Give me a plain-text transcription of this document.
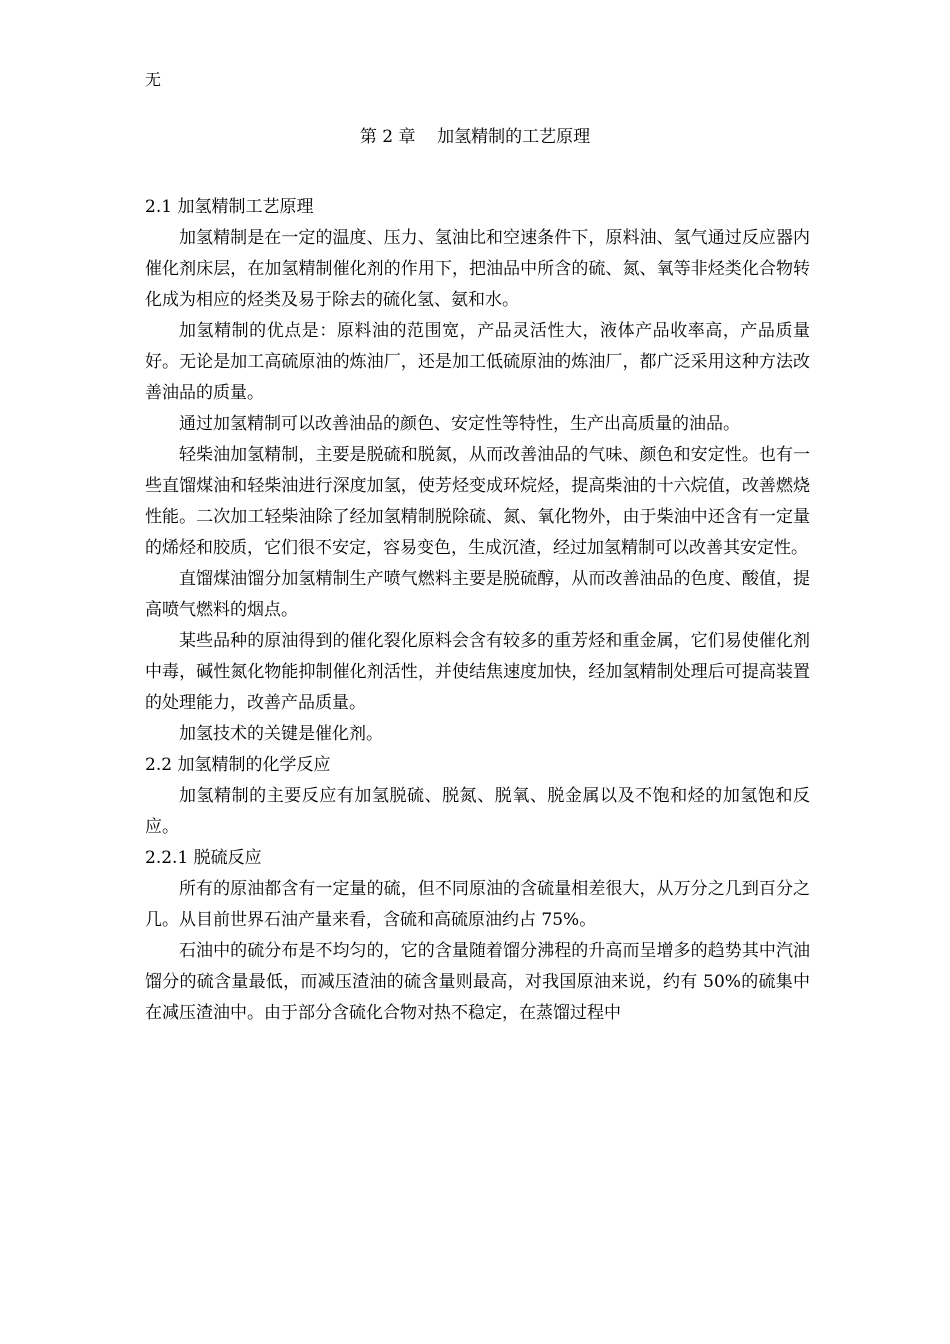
无
第 2 章    加氢精制的工艺原理

2.1 加氢精制工艺原理

加氢精制是在一定的温度、压力、氢油比和空速条件下，原料油、氢气通过反应器内催化剂床层，在加氢精制催化剂的作用下，把油品中所含的硫、氮、氧等非烃类化合物转化成为相应的烃类及易于除去的硫化氢、氨和水。

加氢精制的优点是：原料油的范围宽，产品灵活性大，液体产品收率高，产品质量好。无论是加工高硫原油的炼油厂，还是加工低硫原油的炼油厂，都广泛采用这种方法改善油品的质量。

通过加氢精制可以改善油品的颜色、安定性等特性，生产出高质量的油品。

轻柴油加氢精制，主要是脱硫和脱氮，从而改善油品的气味、颜色和安定性。也有一些直馏煤油和轻柴油进行深度加氢，使芳烃变成环烷烃，提高柴油的十六烷值，改善燃烧性能。二次加工轻柴油除了经加氢精制脱除硫、氮、氧化物外，由于柴油中还含有一定量的烯烃和胶质，它们很不安定，容易变色，生成沉渣，经过加氢精制可以改善其安定性。

直馏煤油馏分加氢精制生产喷气燃料主要是脱硫醇，从而改善油品的色度、酸值，提高喷气燃料的烟点。

某些品种的原油得到的催化裂化原料会含有较多的重芳烃和重金属，它们易使催化剂中毒，碱性氮化物能抑制催化剂活性，并使结焦速度加快，经加氢精制处理后可提高装置的处理能力，改善产品质量。

加氢技术的关键是催化剂。

2.2 加氢精制的化学反应

加氢精制的主要反应有加氢脱硫、脱氮、脱氧、脱金属以及不饱和烃的加氢饱和反应。

2.2.1 脱硫反应

所有的原油都含有一定量的硫，但不同原油的含硫量相差很大，从万分之几到百分之几。从目前世界石油产量来看，含硫和高硫原油约占 75%。

石油中的硫分布是不均匀的，它的含量随着馏分沸程的升高而呈增多的趋势其中汽油馏分的硫含量最低，而减压渣油的硫含量则最高，对我国原油来说，约有 50%的硫集中在减压渣油中。由于部分含硫化合物对热不稳定，在蒸馏过程中
